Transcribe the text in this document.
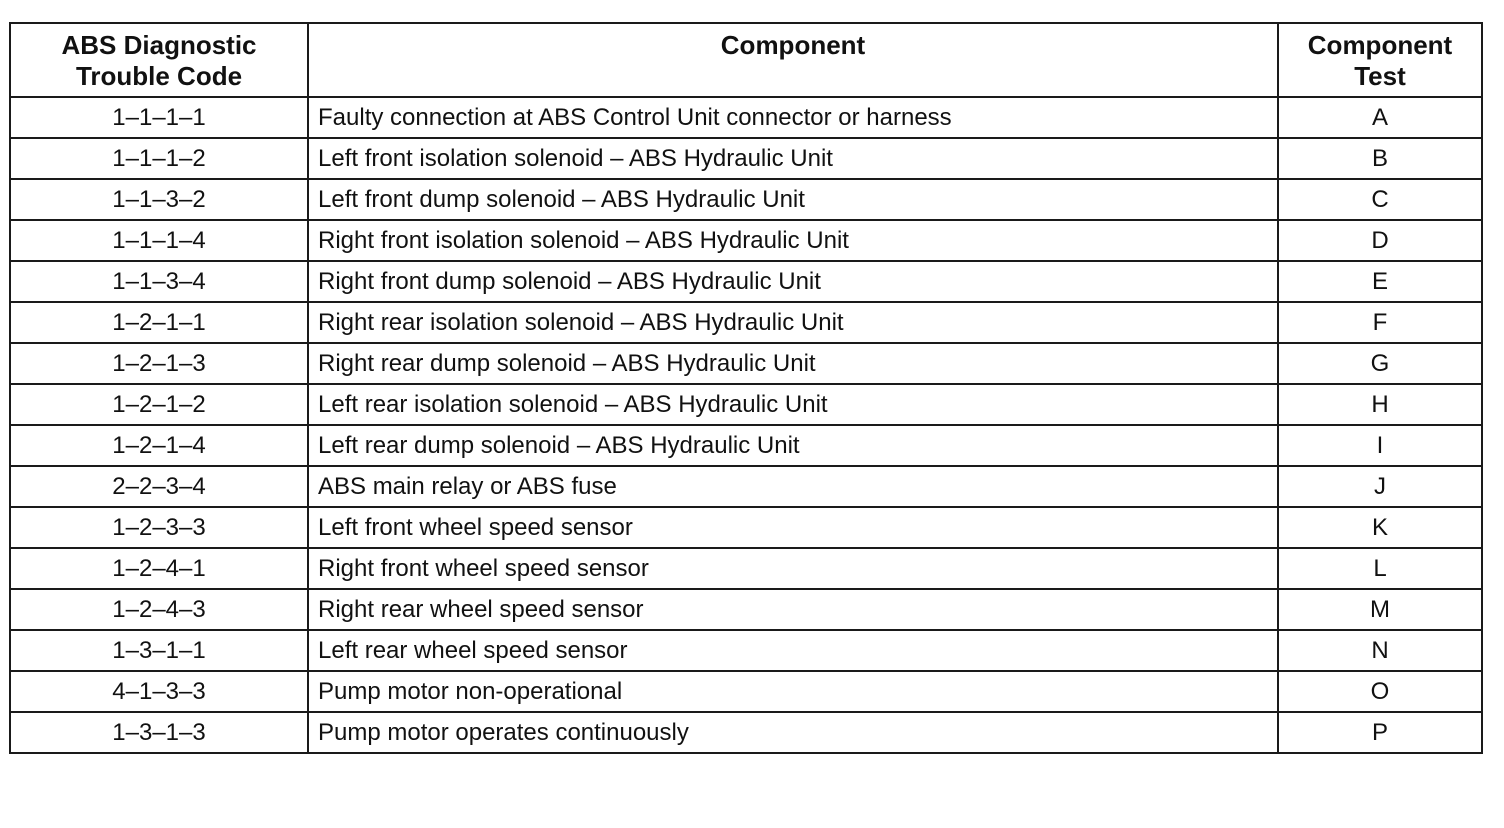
ABS Diagnostic
Trouble Code	Component	Component
Test

1–1–1–1	Faulty connection at ABS Control Unit connector or harness	A
1–1–1–2	Left front isolation solenoid – ABS Hydraulic Unit	B
1–1–3–2	Left front dump solenoid – ABS Hydraulic Unit	C
1–1–1–4	Right front isolation solenoid – ABS Hydraulic Unit	D
1–1–3–4	Right front dump solenoid – ABS Hydraulic Unit	E
1–2–1–1	Right rear isolation solenoid – ABS Hydraulic Unit	F
1–2–1–3	Right rear dump solenoid – ABS Hydraulic Unit	G
1–2–1–2	Left rear isolation solenoid – ABS Hydraulic Unit	H
1–2–1–4	Left rear dump solenoid – ABS Hydraulic Unit	I
2–2–3–4	ABS main relay or ABS fuse	J
1–2–3–3	Left front wheel speed sensor	K
1–2–4–1	Right front wheel speed sensor	L
1–2–4–3	Right rear wheel speed sensor	M
1–3–1–1	Left rear wheel speed sensor	N
4–1–3–3	Pump motor non-operational	O
1–3–1–3	Pump motor operates continuously	P
